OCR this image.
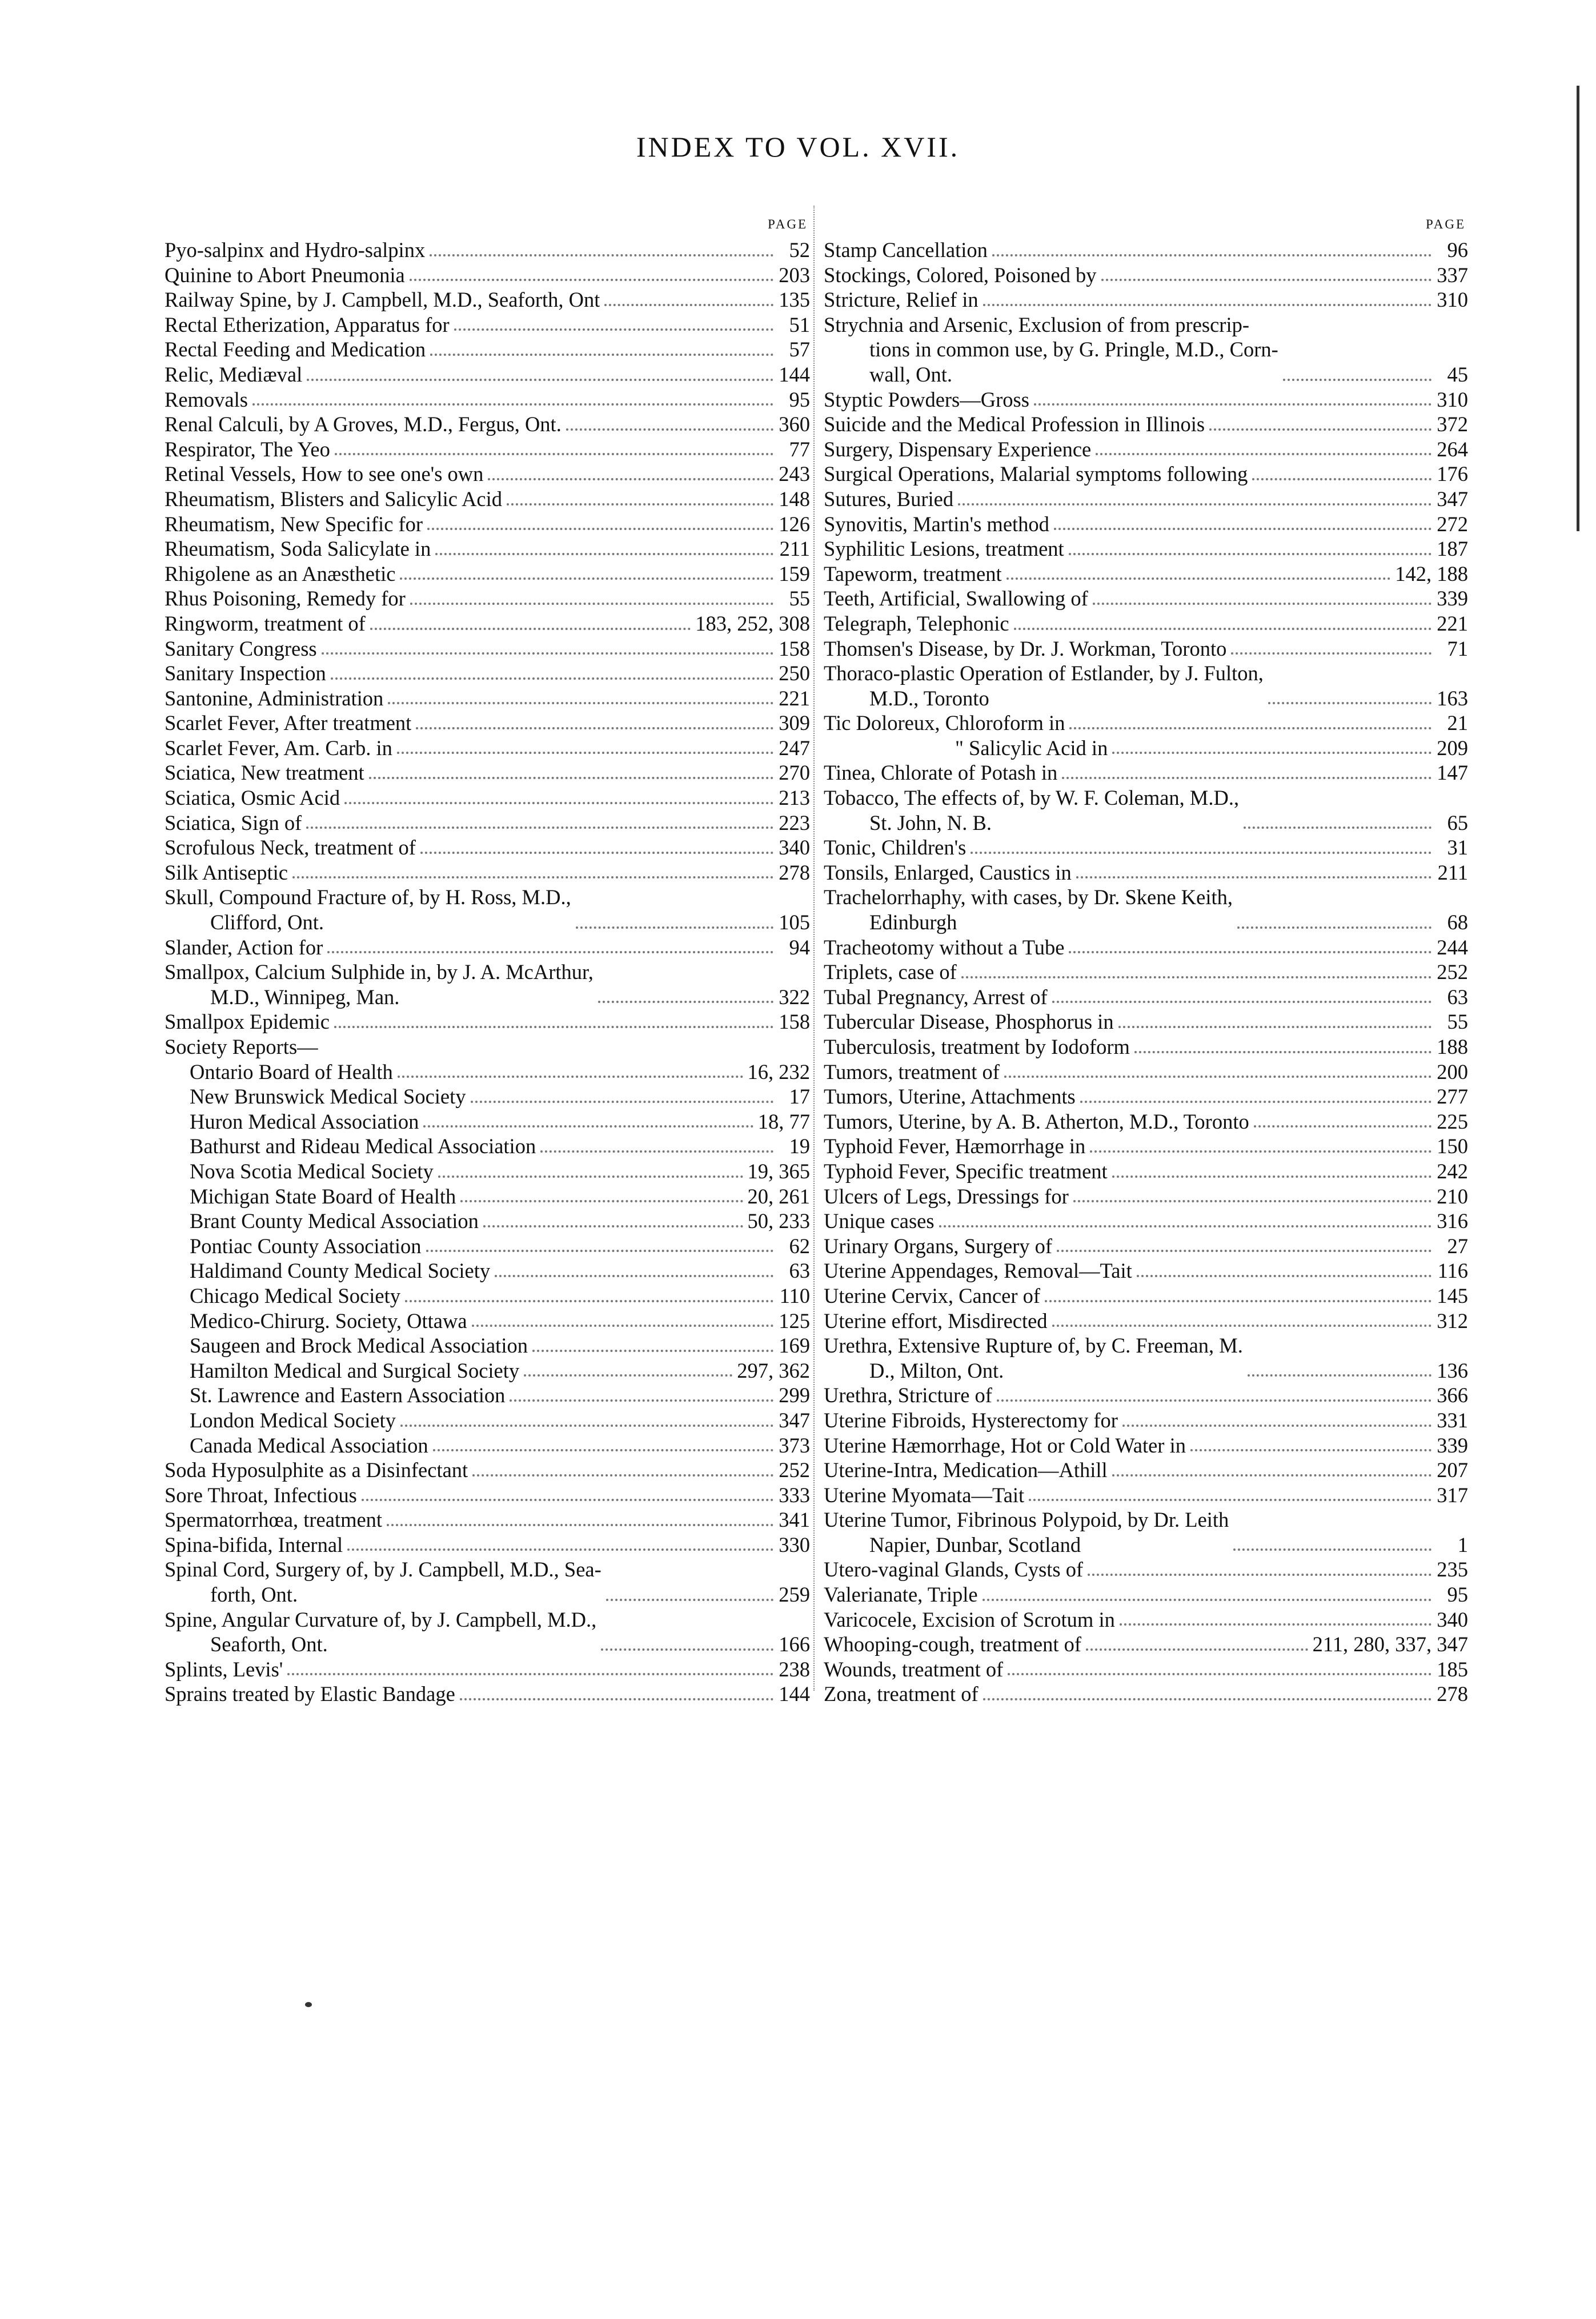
INDEX TO VOL. XVII.
PAGE
Pyo-salpinx and Hydro-salpinx	52
Quinine to Abort Pneumonia	203
Railway Spine, by J. Campbell, M.D., Seaforth, Ont	135
Rectal Etherization, Apparatus for	51
Rectal Feeding and Medication	57
Relic, Mediæval	144
Removals	95
Renal Calculi, by A Groves, M.D., Fergus, Ont.	360
Respirator, The Yeo	77
Retinal Vessels, How to see one's own	243
Rheumatism, Blisters and Salicylic Acid	148
Rheumatism, New Specific for	126
Rheumatism, Soda Salicylate in	211
Rhigolene as an Anæsthetic	159
Rhus Poisoning, Remedy for	55
Ringworm, treatment of	183, 252, 308
Sanitary Congress	158
Sanitary Inspection	250
Santonine, Administration	221
Scarlet Fever, After treatment	309
Scarlet Fever, Am. Carb. in	247
Sciatica, New treatment	270
Sciatica, Osmic Acid	213
Sciatica, Sign of	223
Scrofulous Neck, treatment of	340
Silk Antiseptic	278
Skull, Compound Fracture of, by H. Ross, M.D.,
Clifford, Ont.	105
Slander, Action for	94
Smallpox, Calcium Sulphide in, by J. A. McArthur,
M.D., Winnipeg, Man.	322
Smallpox Epidemic	158
Society Reports—
Ontario Board of Health	16, 232
New Brunswick Medical Society	17
Huron Medical Association	18, 77
Bathurst and Rideau Medical Association	19
Nova Scotia Medical Society	19, 365
Michigan State Board of Health	20, 261
Brant County Medical Association	50, 233
Pontiac County Association	62
Haldimand County Medical Society	63
Chicago Medical Society	110
Medico-Chirurg. Society, Ottawa	125
Saugeen and Brock Medical Association	169
Hamilton Medical and Surgical Society	297, 362
St. Lawrence and Eastern Association	299
London Medical Society	347
Canada Medical Association	373
Soda Hyposulphite as a Disinfectant	252
Sore Throat, Infectious	333
Spermatorrhœa, treatment	341
Spina-bifida, Internal	330
Spinal Cord, Surgery of, by J. Campbell, M.D., Sea-
forth, Ont.	259
Spine, Angular Curvature of, by J. Campbell, M.D.,
Seaforth, Ont.	166
Splints, Levis'	238
Sprains treated by Elastic Bandage	144
PAGE
Stamp Cancellation	96
Stockings, Colored, Poisoned by	337
Stricture, Relief in	310
Strychnia and Arsenic, Exclusion of from prescrip-
tions in common use, by G. Pringle, M.D., Corn-
wall, Ont.	45
Styptic Powders—Gross	310
Suicide and the Medical Profession in Illinois	372
Surgery, Dispensary Experience	264
Surgical Operations, Malarial symptoms following	176
Sutures, Buried	347
Synovitis, Martin's method	272
Syphilitic Lesions, treatment	187
Tapeworm, treatment	142, 188
Teeth, Artificial, Swallowing of	339
Telegraph, Telephonic	221
Thomsen's Disease, by Dr. J. Workman, Toronto	71
Thoraco-plastic Operation of Estlander, by J. Fulton,
M.D., Toronto	163
Tic Doloreux, Chloroform in	21
" Salicylic Acid in	209
Tinea, Chlorate of Potash in	147
Tobacco, The effects of, by W. F. Coleman, M.D.,
St. John, N. B.	65
Tonic, Children's	31
Tonsils, Enlarged, Caustics in	211
Trachelorrhaphy, with cases, by Dr. Skene Keith,
Edinburgh	68
Tracheotomy without a Tube	244
Triplets, case of	252
Tubal Pregnancy, Arrest of	63
Tubercular Disease, Phosphorus in	55
Tuberculosis, treatment by Iodoform	188
Tumors, treatment of	200
Tumors, Uterine, Attachments	277
Tumors, Uterine, by A. B. Atherton, M.D., Toronto	225
Typhoid Fever, Hæmorrhage in	150
Typhoid Fever, Specific treatment	242
Ulcers of Legs, Dressings for	210
Unique cases	316
Urinary Organs, Surgery of	27
Uterine Appendages, Removal—Tait	116
Uterine Cervix, Cancer of	145
Uterine effort, Misdirected	312
Urethra, Extensive Rupture of, by C. Freeman, M.
D., Milton, Ont.	136
Urethra, Stricture of	366
Uterine Fibroids, Hysterectomy for	331
Uterine Hæmorrhage, Hot or Cold Water in	339
Uterine-Intra, Medication—Athill	207
Uterine Myomata—Tait	317
Uterine Tumor, Fibrinous Polypoid, by Dr. Leith
Napier, Dunbar, Scotland	1
Utero-vaginal Glands, Cysts of	235
Valerianate, Triple	95
Varicocele, Excision of Scrotum in	340
Whooping-cough, treatment of	211, 280, 337, 347
Wounds, treatment of	185
Zona, treatment of	278
